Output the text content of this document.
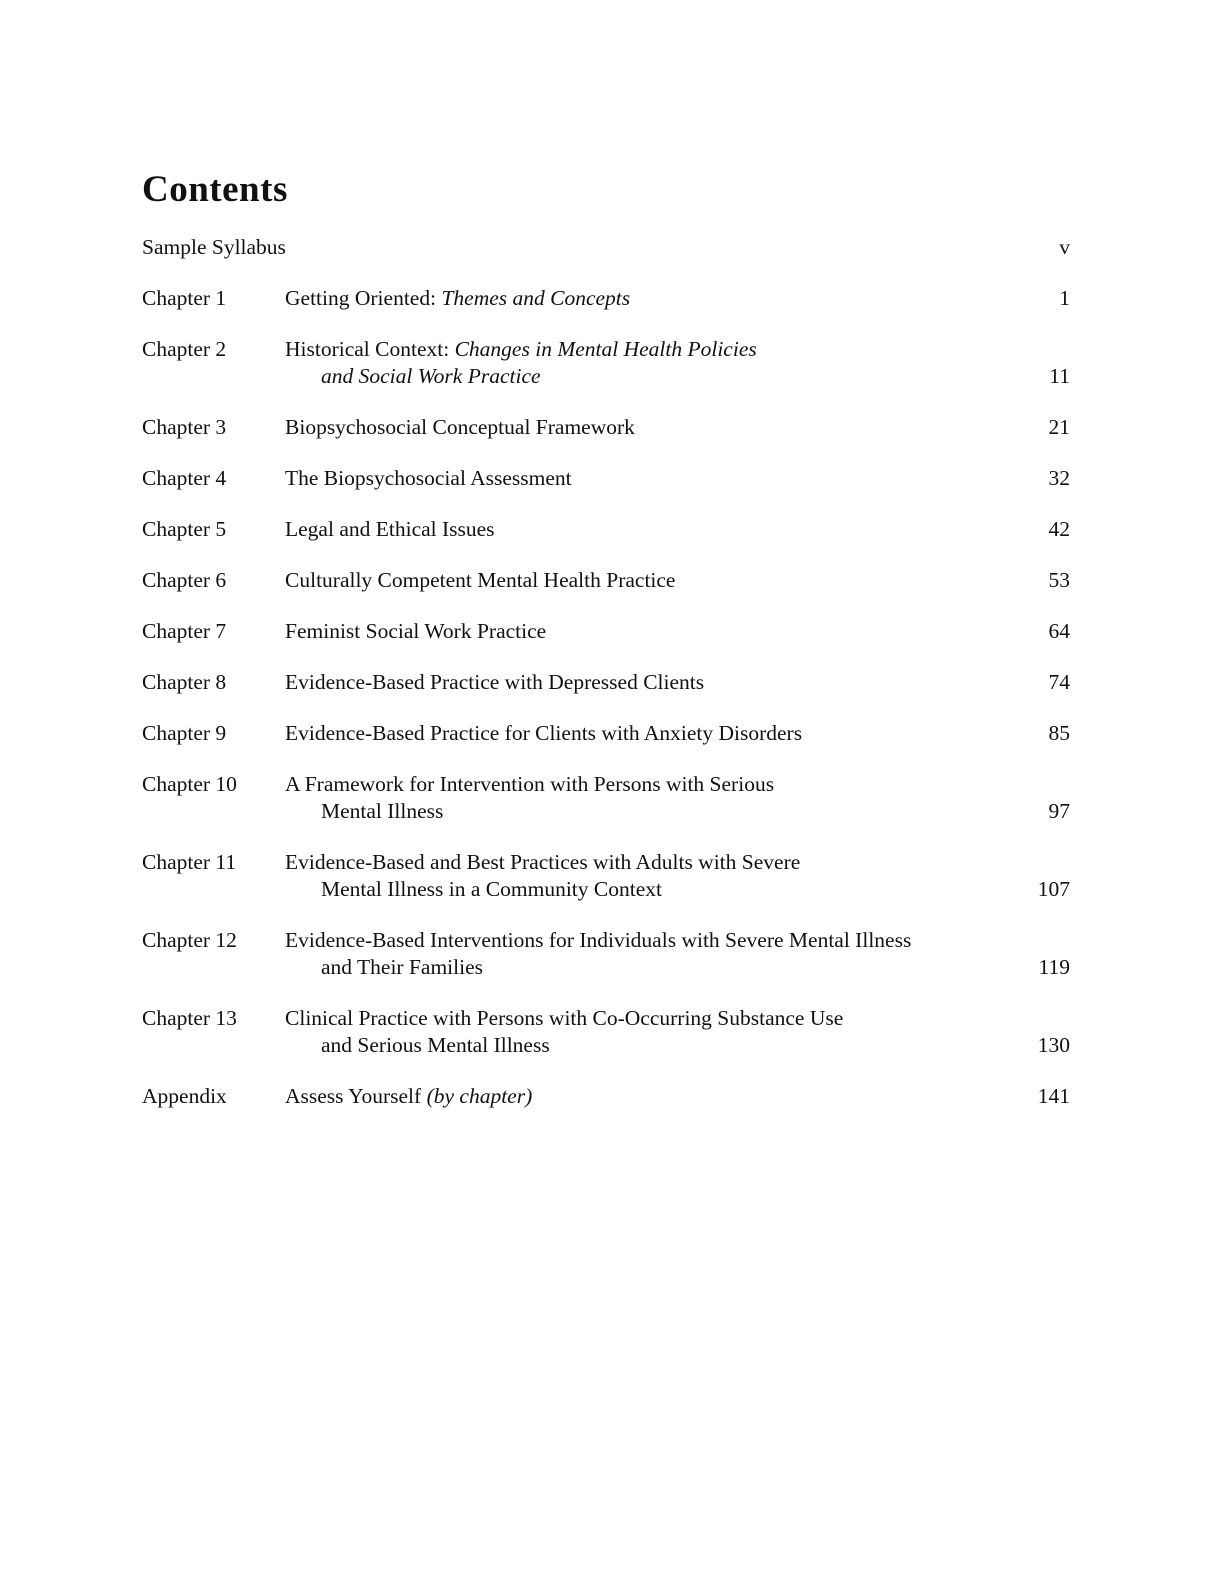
Contents
Sample Syllabus	v
Chapter 1	Getting Oriented: Themes and Concepts	1
Chapter 2	Historical Context: Changes in Mental Health Policies
and Social Work Practice	11
Chapter 3	Biopsychosocial Conceptual Framework	21
Chapter 4	The Biopsychosocial Assessment	32
Chapter 5	Legal and Ethical Issues	42
Chapter 6	Culturally Competent Mental Health Practice	53
Chapter 7	Feminist Social Work Practice	64
Chapter 8	Evidence-Based Practice with Depressed Clients	74
Chapter 9	Evidence-Based Practice for Clients with Anxiety Disorders	85
Chapter 10	A Framework for Intervention with Persons with Serious
Mental Illness	97
Chapter 11	Evidence-Based and Best Practices with Adults with Severe
Mental Illness in a Community Context	107
Chapter 12	Evidence-Based Interventions for Individuals with Severe Mental Illness
and Their Families	119
Chapter 13	Clinical Practice with Persons with Co-Occurring Substance Use
and Serious Mental Illness	130
Appendix	Assess Yourself (by chapter)	141
